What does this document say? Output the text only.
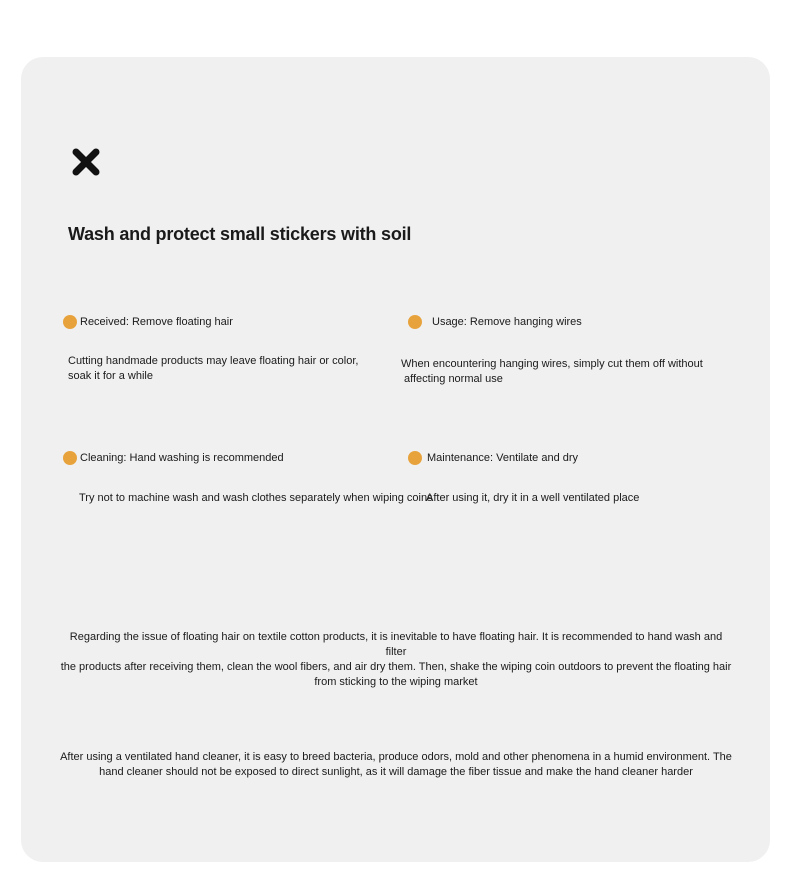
Wash and protect small stickers with soil
Received: Remove floating hair
Cutting handmade products may leave floating hair or color,
soak it for a while
Usage: Remove hanging wires
When encountering hanging wires, simply cut them off without
affecting normal use
Cleaning: Hand washing is recommended
Try not to machine wash and wash clothes separately when wiping coins
Maintenance: Ventilate and dry
After using it, dry it in a well ventilated place
Regarding the issue of floating hair on textile cotton products, it is inevitable to have floating hair. It is recommended to hand wash and filter
the products after receiving them, clean the wool fibers, and air dry them. Then, shake the wiping coin outdoors to prevent the floating hair
from sticking to the wiping market
After using a ventilated hand cleaner, it is easy to breed bacteria, produce odors, mold and other phenomena in a humid environment. The
hand cleaner should not be exposed to direct sunlight, as it will damage the fiber tissue and make the hand cleaner harder
